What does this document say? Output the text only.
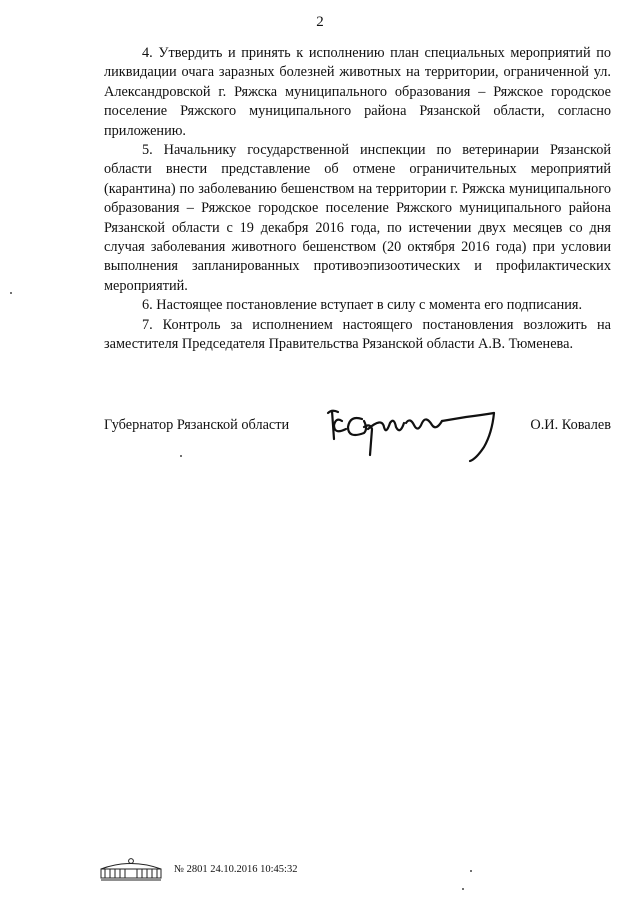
2

4. Утвердить и принять к исполнению план специальных мероприятий по ликвидации очага заразных болезней животных на территории, ограниченной ул. Александровской г. Ряжска муниципального образования – Ряжское городское поселение Ряжского муниципального района Рязанской области, согласно приложению.

5. Начальнику государственной инспекции по ветеринарии Рязанской области внести представление об отмене ограничительных мероприятий (карантина) по заболеванию бешенством на территории г. Ряжска муниципального образования – Ряжское городское поселение Ряжского муниципального района Рязанской области с 19 декабря 2016 года, по истечении двух месяцев со дня случая заболевания животного бешенством (20 октября 2016 года) при условии выполнения запланированных противоэпизоотических и профилактических мероприятий.

6. Настоящее постановление вступает в силу с момента его подписания.

7. Контроль за исполнением настоящего постановления возложить на заместителя Председателя Правительства Рязанской области А.В. Тюменева.

Губернатор Рязанской области	О.И. Ковалев
№ 2801 24.10.2016 10:45:32
